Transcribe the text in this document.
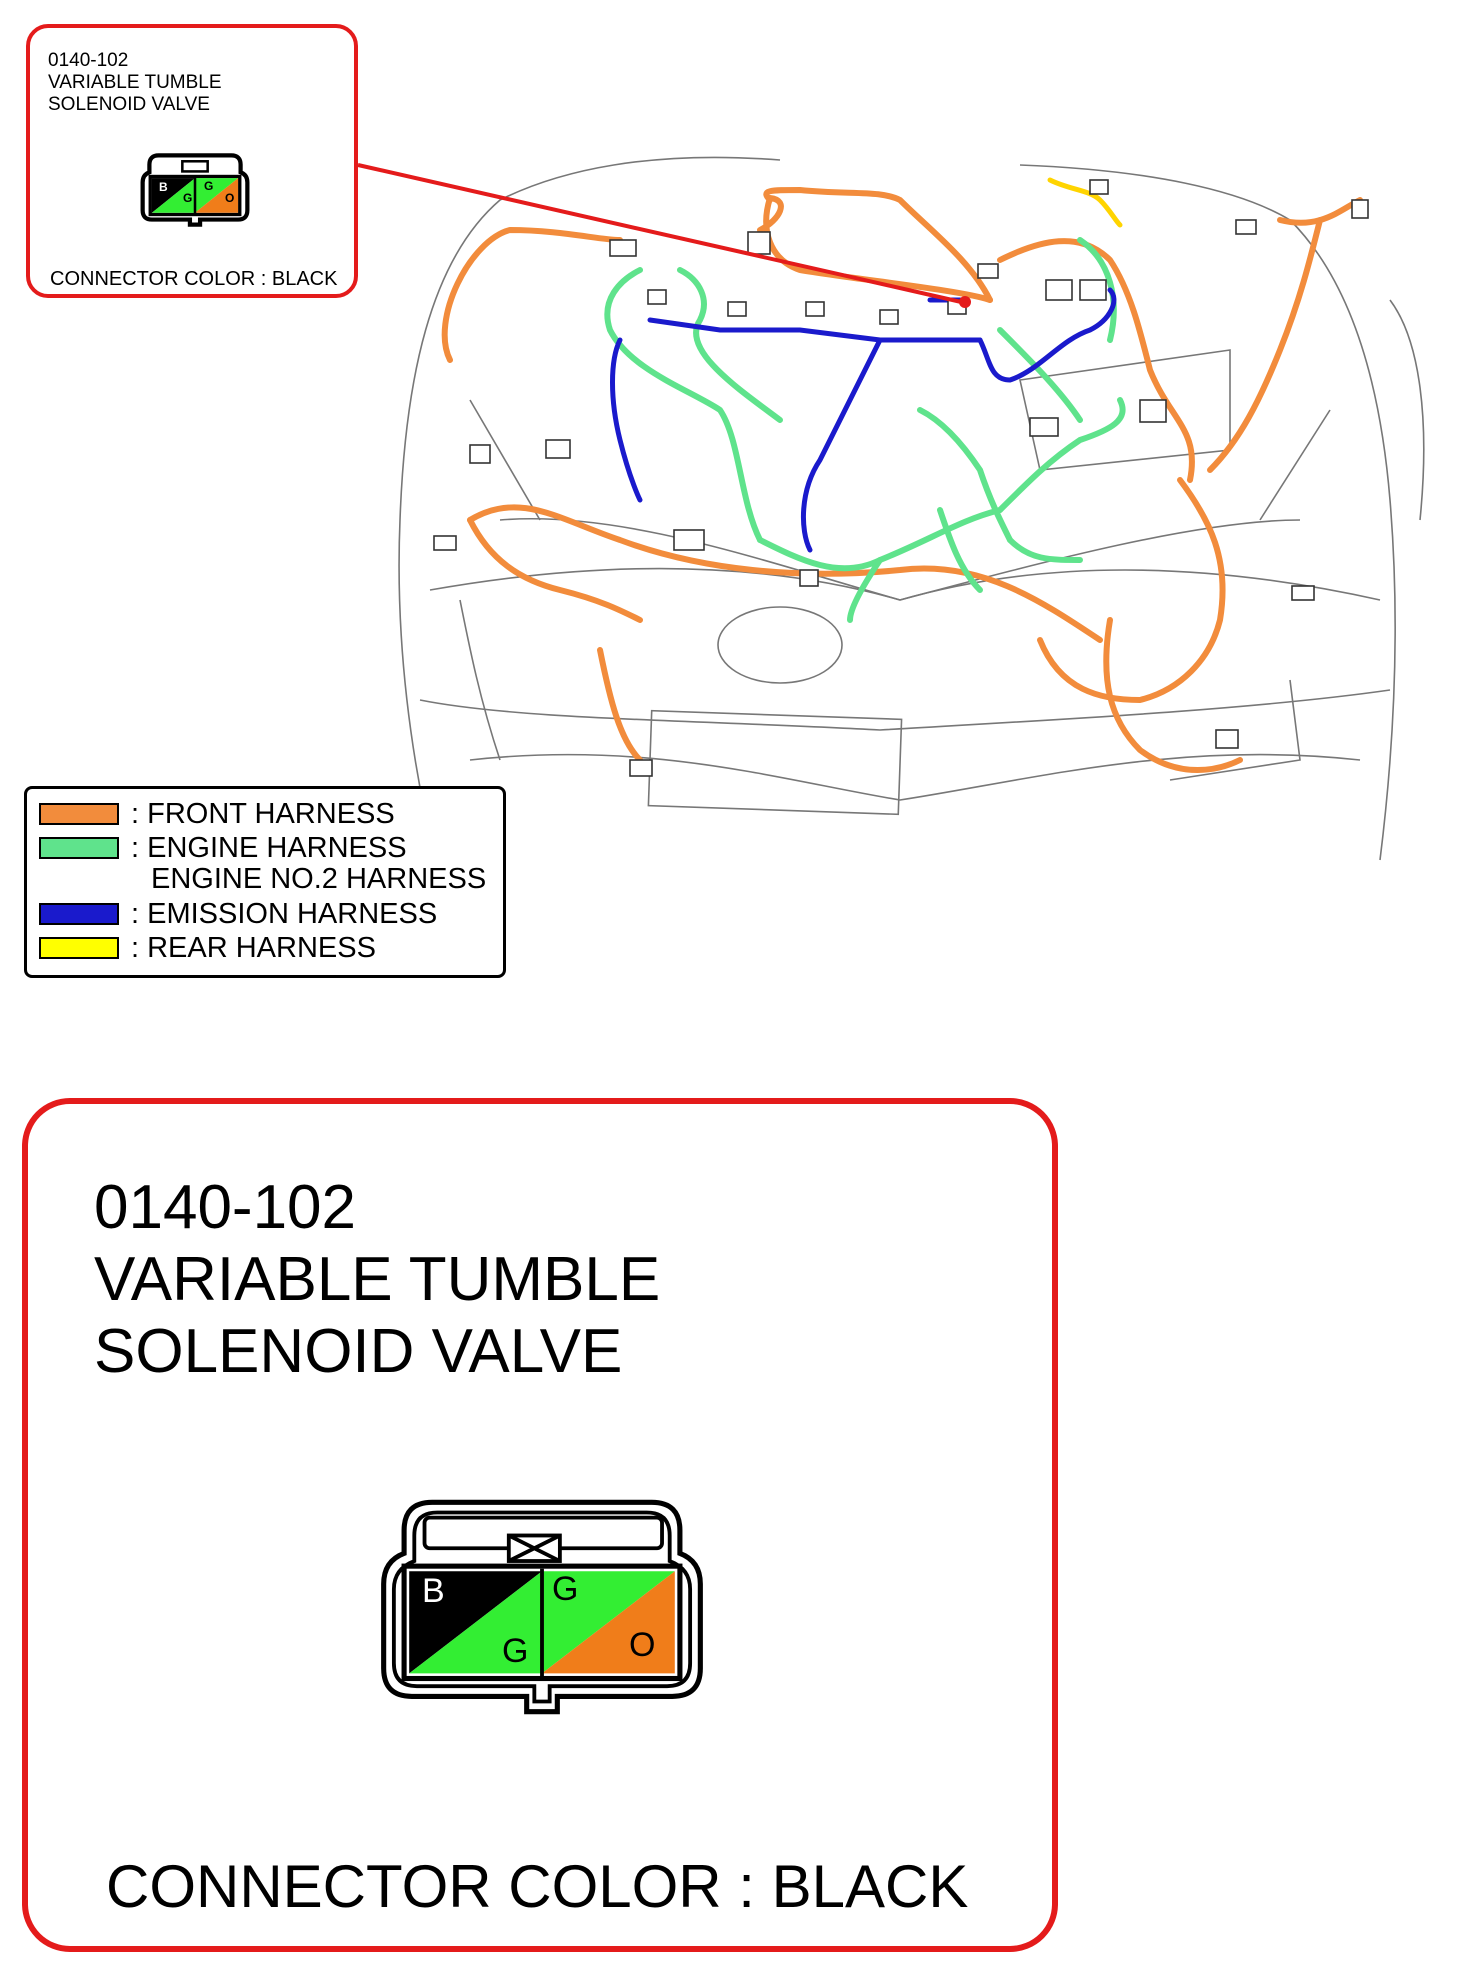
0140-102
VARIABLE TUMBLE
SOLENOID VALVE
B
G
G
O
CONNECTOR COLOR : BLACK
: FRONT HARNESS
: ENGINE HARNESS
ENGINE NO.2 HARNESS
: EMISSION HARNESS
: REAR HARNESS
0140-102
VARIABLE TUMBLE
SOLENOID VALVE
B
G
G
O
CONNECTOR COLOR : BLACK
